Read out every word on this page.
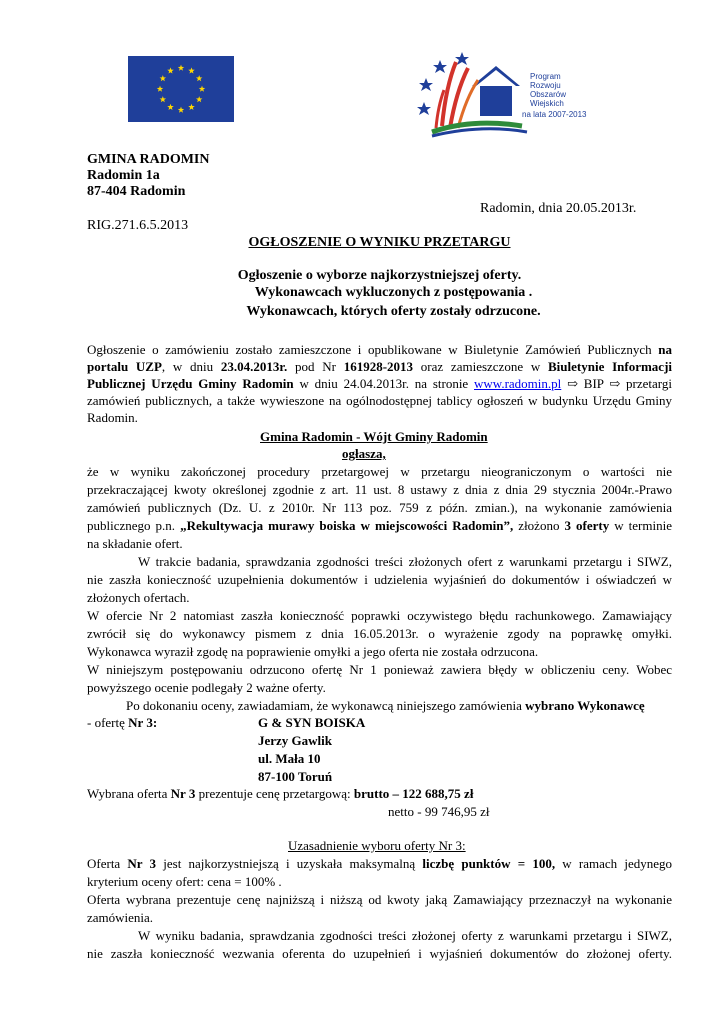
Program
Rozwoju
Obszarów
Wiejskich
na lata 2007-2013
GMINA RADOMIN
Radomin 1a
87-404 Radomin
Radomin, dnia 20.05.2013r.
RIG.271.6.5.2013
OGŁOSZENIE O WYNIKU PRZETARGU
Ogłoszenie o wyborze najkorzystniejszej oferty.
Wykonawcach wykluczonych z postępowania .
Wykonawcach, których oferty zostały odrzucone.
Ogłoszenie o zamówieniu zostało zamieszczone i opublikowane w Biuletynie Zamówień Publicznych na
portalu UZP, w dniu 23.04.2013r. pod Nr 161928-2013 oraz zamieszczone w Biuletynie Informacji
Publicznej Urzędu Gminy Radomin w dniu 24.04.2013r. na stronie www.radomin.pl ⇨ BIP ⇨ przetargi
zamówień publicznych, a także wywieszone na ogólnodostępnej tablicy ogłoszeń w budynku Urzędu Gminy
Radomin.
Gmina Radomin - Wójt Gminy Radomin
ogłasza,
że w wyniku zakończonej procedury przetargowej w przetargu nieograniczonym o wartości nie
przekraczającej kwoty określonej zgodnie z art. 11 ust. 8 ustawy z dnia z dnia 29 stycznia 2004r.-Prawo
zamówień publicznych (Dz. U. z 2010r. Nr 113 poz. 759 z późn. zmian.), na wykonanie zamówienia
publicznego p.n. „Rekultywacja murawy boiska w miejscowości Radomin”, złożono 3 oferty w terminie
na składanie ofert.
W trakcie badania, sprawdzania zgodności treści złożonych ofert z warunkami przetargu i SIWZ,
nie zaszła konieczność uzupełnienia dokumentów i udzielenia wyjaśnień do dokumentów i oświadczeń w
złożonych ofertach.
W ofercie Nr 2 natomiast zaszła konieczność poprawki oczywistego błędu rachunkowego. Zamawiający
zwrócił się do wykonawcy pismem z dnia 16.05.2013r. o wyrażenie zgody na poprawkę omyłki.
Wykonawca wyraził zgodę na poprawienie omyłki a jego oferta nie została odrzucona.
W niniejszym postępowaniu odrzucono ofertę Nr 1 ponieważ zawiera błędy w obliczeniu ceny. Wobec
powyższego ocenie podlegały 2 ważne oferty.
Po dokonaniu oceny, zawiadamiam, że wykonawcą niniejszego zamówienia wybrano Wykonawcę
- ofertę Nr 3:	G & SYN BOISKA
Jerzy Gawlik
ul. Mała 10
87-100 Toruń
Wybrana oferta Nr 3 prezentuje cenę przetargową: brutto – 122 688,75 zł
netto - 99 746,95 zł
Uzasadnienie wyboru oferty Nr 3:
Oferta Nr 3 jest najkorzystniejszą i uzyskała maksymalną liczbę punktów = 100, w ramach jedynego
kryterium oceny ofert: cena = 100% .
Oferta wybrana prezentuje cenę najniższą i niższą od kwoty jaką Zamawiający przeznaczył na wykonanie
zamówienia.
W wyniku badania, sprawdzania zgodności treści złożonej oferty z warunkami przetargu i SIWZ,
nie zaszła konieczność wezwania oferenta do uzupełnień i wyjaśnień dokumentów do złożonej oferty.
